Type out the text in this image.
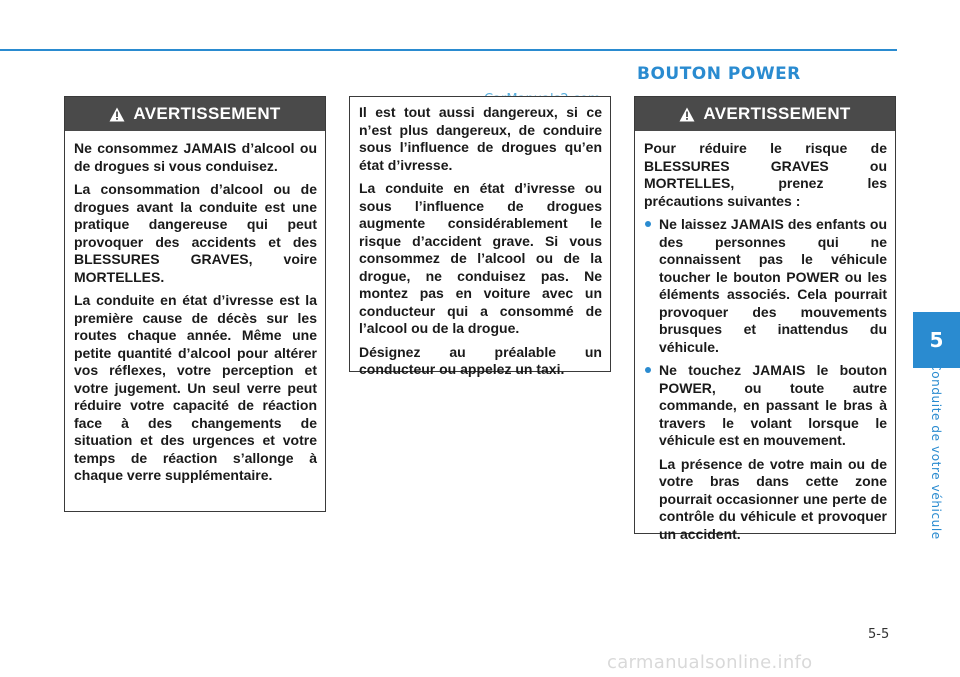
BOUTON POWER
AVERTISSEMENT

Ne consommez JAMAIS d’alcool ou de drogues si vous conduisez.

La consommation d’alcool ou de drogues avant la conduite est une pratique dangereuse qui peut provoquer des accidents et des BLESSURES GRAVES, voire MORTELLES.

La conduite en état d’ivresse est la première cause de décès sur les routes chaque année. Même une petite quantité d’alcool pour altérer vos réflexes, votre perception et votre jugement. Un seul verre peut réduire votre capacité de réaction face à des changements de situation et des urgences et votre temps de réaction s’allonge à chaque verre supplémentaire.

Il est tout aussi dangereux, si ce n’est plus dangereux, de conduire sous l’influence de drogues qu’en état d’ivresse.

La conduite en état d’ivresse ou sous l’influence de drogues augmente considérablement le risque d’accident grave. Si vous consommez de l’alcool ou de la drogue, ne conduisez pas. Ne montez pas en voiture avec un conducteur qui a consommé de l’alcool ou de la drogue.

Désignez au préalable un conducteur ou appelez un taxi.

AVERTISSEMENT

Pour réduire le risque de BLESSURES GRAVES ou MORTELLES, prenez les précautions suivantes :

Ne laissez JAMAIS des enfants ou des personnes qui ne connaissent pas le véhicule toucher le bouton POWER ou les éléments associés. Cela pourrait provoquer des mouvements brusques et inattendus du véhicule.
Ne touchez JAMAIS le bouton POWER, ou toute autre commande, en passant le bras à travers le volant lorsque le véhicule est en mouvement.

La présence de votre main ou de votre bras dans cette zone pourrait occasionner une perte de contrôle du véhicule et provoquer un accident.

5
Conduite de votre véhicule
5-5
carmanualsonline.info
